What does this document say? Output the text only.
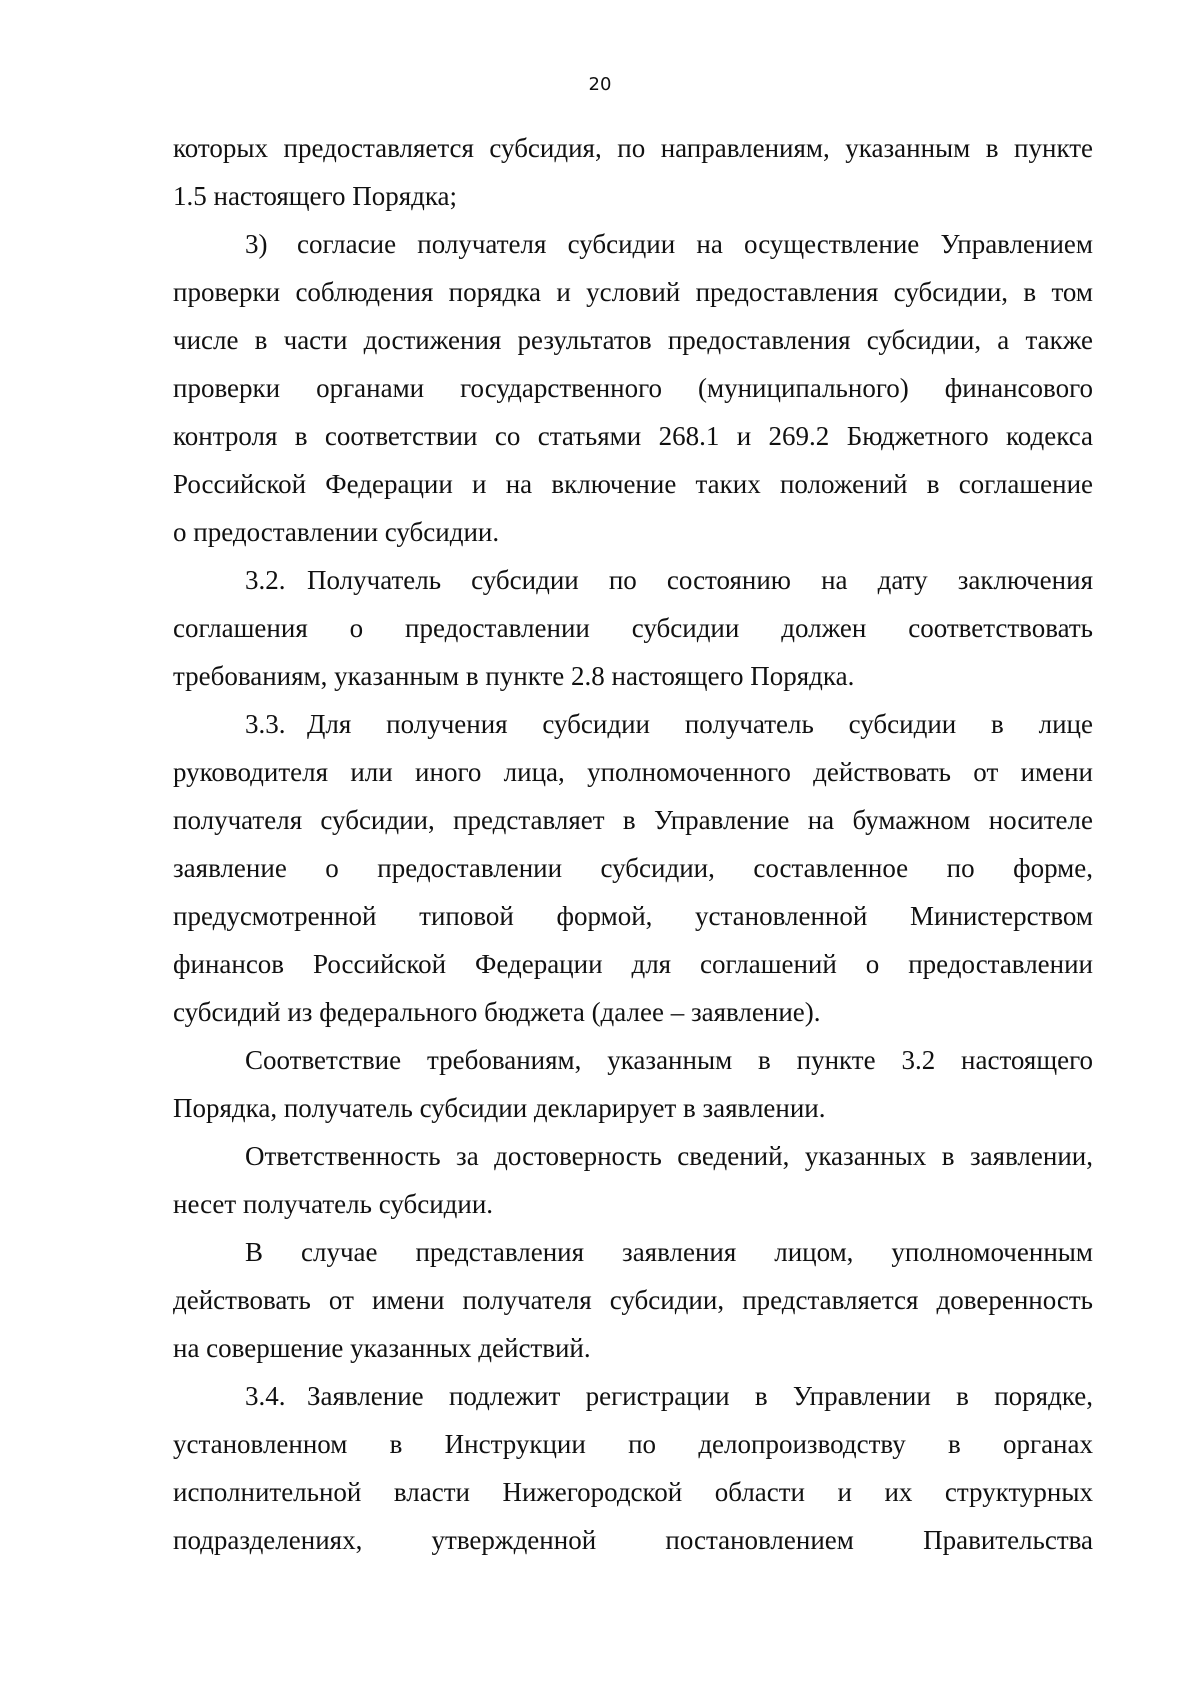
20
которых предоставляется субсидия, по направлениям, указанным в пункте
1.5 настоящего Порядка;
3)	согласие получателя субсидии на осуществление Управлением
проверки соблюдения порядка и условий предоставления субсидии, в том
числе в части достижения результатов предоставления субсидии, а также
проверки органами государственного (муниципального) финансового
контроля в соответствии со статьями 268.1 и 269.2 Бюджетного кодекса
Российской Федерации и на включение таких положений в соглашение
о предоставлении субсидии.
3.2. Получатель субсидии по состоянию на дату заключения
соглашения о предоставлении субсидии должен соответствовать
требованиям, указанным в пункте 2.8 настоящего Порядка.
3.3. Для получения субсидии получатель субсидии в лице
руководителя или иного лица, уполномоченного действовать от имени
получателя субсидии, представляет в Управление на бумажном носителе
заявление о предоставлении субсидии, составленное по форме,
предусмотренной типовой формой, установленной Министерством
финансов Российской Федерации для соглашений о предоставлении
субсидий из федерального бюджета (далее – заявление).
Соответствие требованиям, указанным в пункте 3.2 настоящего
Порядка, получатель субсидии декларирует в заявлении.
Ответственность за достоверность сведений, указанных в заявлении,
несет получатель субсидии.
В случае представления заявления лицом, уполномоченным
действовать от имени получателя субсидии, представляется доверенность
на совершение указанных действий.
3.4. Заявление подлежит регистрации в Управлении в порядке,
установленном в Инструкции по делопроизводству в органах
исполнительной власти Нижегородской области и их структурных
подразделениях, утвержденной постановлением Правительства
